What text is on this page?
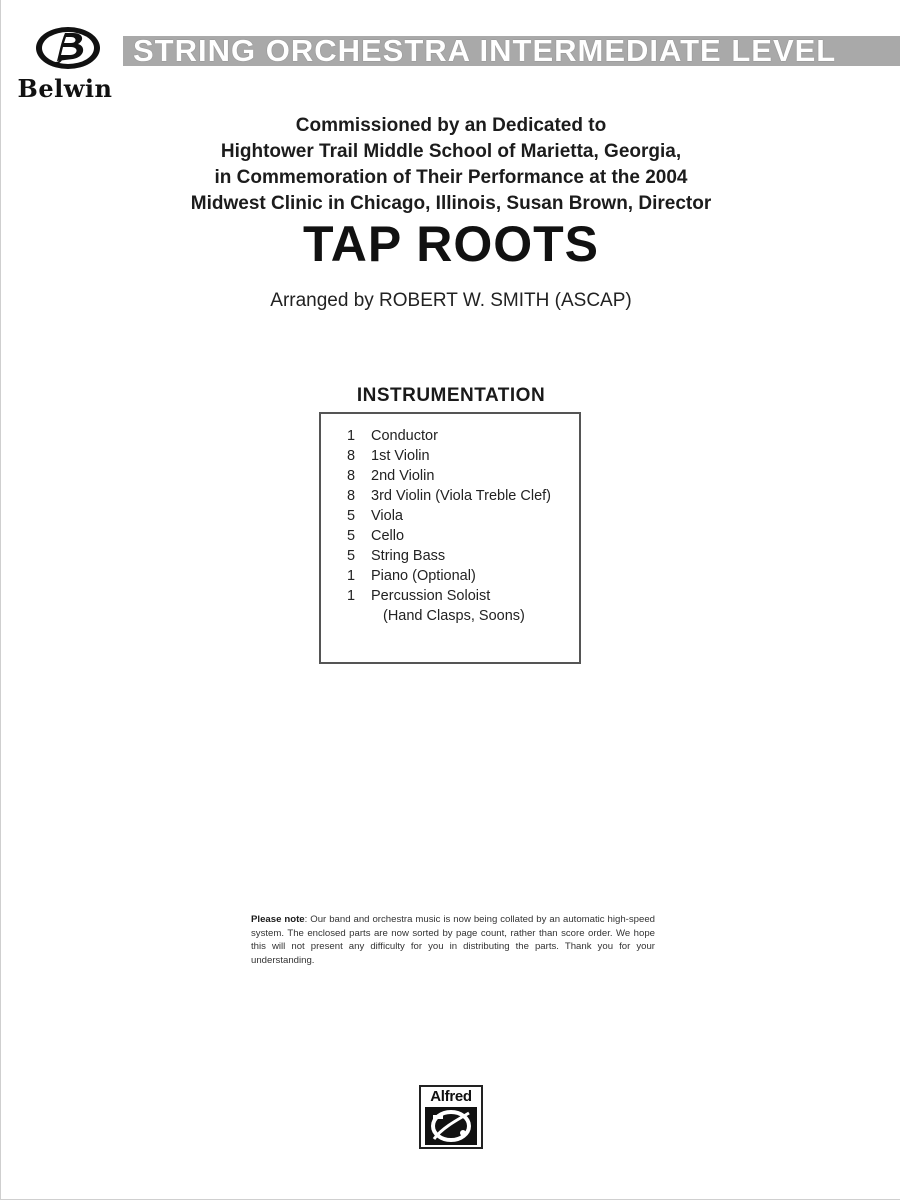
Belwin
STRING ORCHESTRA INTERMEDIATE LEVEL
Commissioned by an Dedicated to
Hightower Trail Middle School of Marietta, Georgia,
in Commemoration of Their Performance at the 2004
Midwest Clinic in Chicago, Illinois, Susan Brown, Director
TAP ROOTS
Arranged by ROBERT W. SMITH (ASCAP)
INSTRUMENTATION
1 Conductor
8 1st Violin
8 2nd Violin
8 3rd Violin (Viola Treble Clef)
5 Viola
5 Cello
5 String Bass
1 Piano (Optional)
1 Percussion Soloist
(Hand Clasps, Soons)
Please note: Our band and orchestra music is now being collated by an automatic high-speed system. The enclosed parts are now sorted by page count, rather than score order. We hope this will not present any difficulty for you in distributing the parts. Thank you for your understanding.
Alfred
